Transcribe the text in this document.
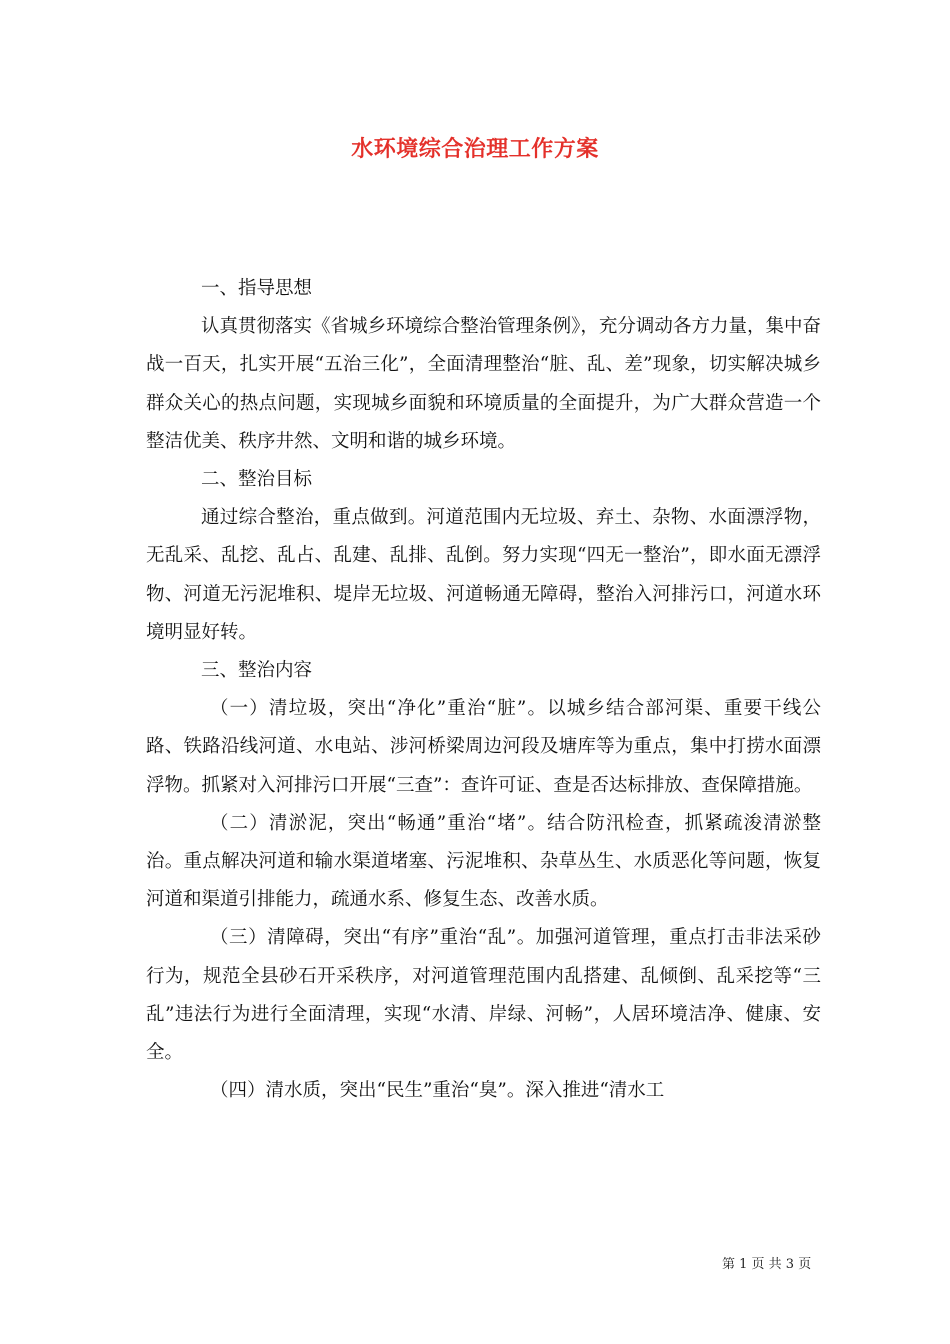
水环境综合治理工作方案

一、指导思想

认真贯彻落实《省城乡环境综合整治管理条例》，充分调动各方力量，集中奋战一百天，扎实开展“五治三化”，全面清理整治“脏、乱、差”现象，切实解决城乡群众关心的热点问题，实现城乡面貌和环境质量的全面提升，为广大群众营造一个整洁优美、秩序井然、文明和谐的城乡环境。

二、整治目标

通过综合整治，重点做到。河道范围内无垃圾、弃土、杂物、水面漂浮物，无乱采、乱挖、乱占、乱建、乱排、乱倒。努力实现“四无一整治”，即水面无漂浮物、河道无污泥堆积、堤岸无垃圾、河道畅通无障碍，整治入河排污口，河道水环境明显好转。

三、整治内容

（一）清垃圾，突出“净化”重治“脏”。以城乡结合部河渠、重要干线公路、铁路沿线河道、水电站、涉河桥梁周边河段及塘库等为重点，集中打捞水面漂浮物。抓紧对入河排污口开展“三查”：查许可证、查是否达标排放、查保障措施。

（二）清淤泥，突出“畅通”重治“堵”。结合防汛检查，抓紧疏浚清淤整治。重点解决河道和输水渠道堵塞、污泥堆积、杂草丛生、水质恶化等问题，恢复河道和渠道引排能力，疏通水系、修复生态、改善水质。

（三）清障碍，突出“有序”重治“乱”。加强河道管理，重点打击非法采砂行为，规范全县砂石开采秩序，对河道管理范围内乱搭建、乱倾倒、乱采挖等“三乱”违法行为进行全面清理，实现“水清、岸绿、河畅”，人居环境洁净、健康、安全。

（四）清水质，突出“民生”重治“臭”。深入推进“清水工

第 1 页 共 3 页
